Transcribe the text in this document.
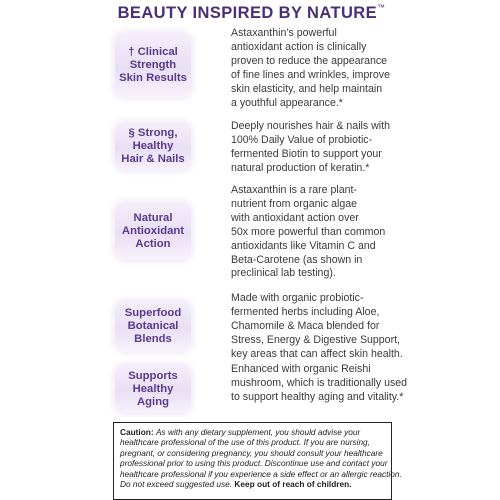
BEAUTY INSPIRED BY NATURE™
† Clinical
Strength
Skin Results
Astaxanthin’s powerful
antioxidant action is clinically
proven to reduce the appearance
of fine lines and wrinkles, improve
skin elasticity, and help maintain
a youthful appearance.*
§ Strong,
Healthy
Hair & Nails
Deeply nourishes hair & nails with
100% Daily Value of probiotic-
fermented Biotin to support your
natural production of keratin.*
Natural
Antioxidant
Action
Astaxanthin is a rare plant-
nutrient from organic algae
with antioxidant action over
50x more powerful than common
antioxidants like Vitamin C and
Beta-Carotene (as shown in
preclinical lab testing).
Superfood
Botanical
Blends
Made with organic probiotic-
fermented herbs including Aloe,
Chamomile & Maca blended for
Stress, Energy & Digestive Support,
key areas that can affect skin health.
Supports
Healthy
Aging
Enhanced with organic Reishi
mushroom, which is traditionally used
to support healthy aging and vitality.*
Caution: As with any dietary supplement, you should advise your
healthcare professional of the use of this product. If you are nursing,
pregnant, or considering pregnancy, you should consult your healthcare
professional prior to using this product. Discontinue use and contact your
healthcare professional if you experience a side effect or an allergic reaction.
Do not exceed suggested use. Keep out of reach of children.
